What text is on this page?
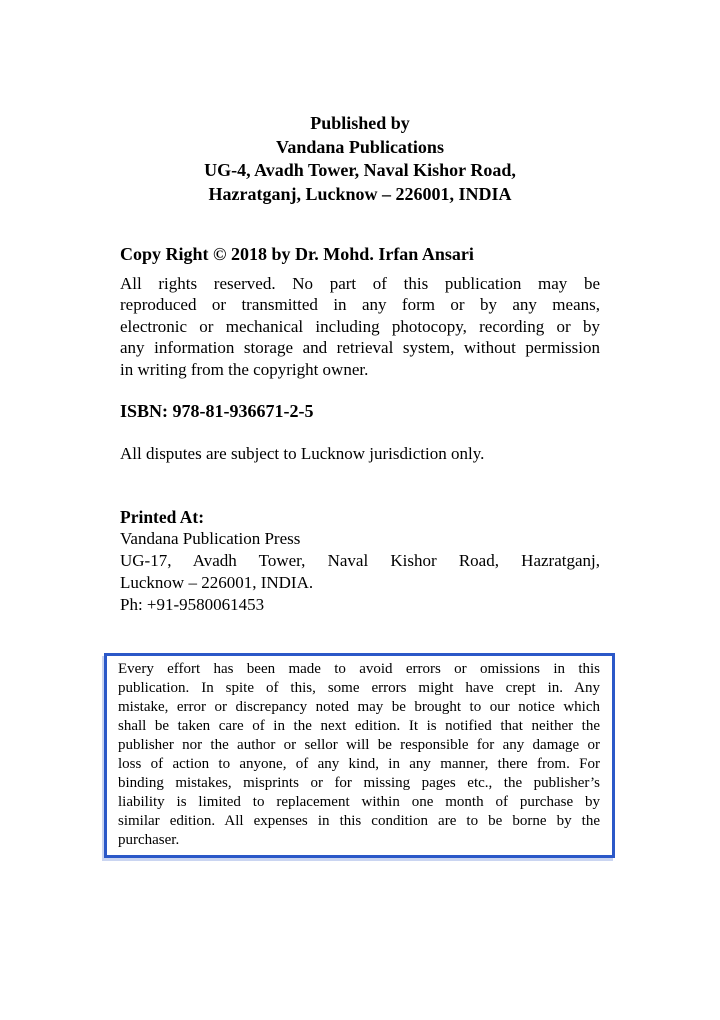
Published by
Vandana Publications
UG-4, Avadh Tower, Naval Kishor Road,
Hazratganj, Lucknow – 226001, INDIA
Copy Right © 2018 by Dr. Mohd. Irfan Ansari
All rights reserved. No part of this publication may be
reproduced or transmitted in any form or by any means,
electronic or mechanical including photocopy, recording or by
any information storage and retrieval system, without permission
in writing from the copyright owner.
ISBN: 978-81-936671-2-5
All disputes are subject to Lucknow jurisdiction only.
Printed At:
Vandana Publication Press
UG-17, Avadh Tower, Naval Kishor Road, Hazratganj,
Lucknow – 226001, INDIA.
Ph: +91-9580061453
Every effort has been made to avoid errors or omissions in this
publication. In spite of this, some errors might have crept in. Any
mistake, error or discrepancy noted may be brought to our notice which
shall be taken care of in the next edition. It is notified that neither the
publisher nor the author or sellor will be responsible for any damage or
loss of action to anyone, of any kind, in any manner, there from. For
binding mistakes, misprints or for missing pages etc., the publisher’s
liability is limited to replacement within one month of purchase by
similar edition. All expenses in this condition are to be borne by the
purchaser.
